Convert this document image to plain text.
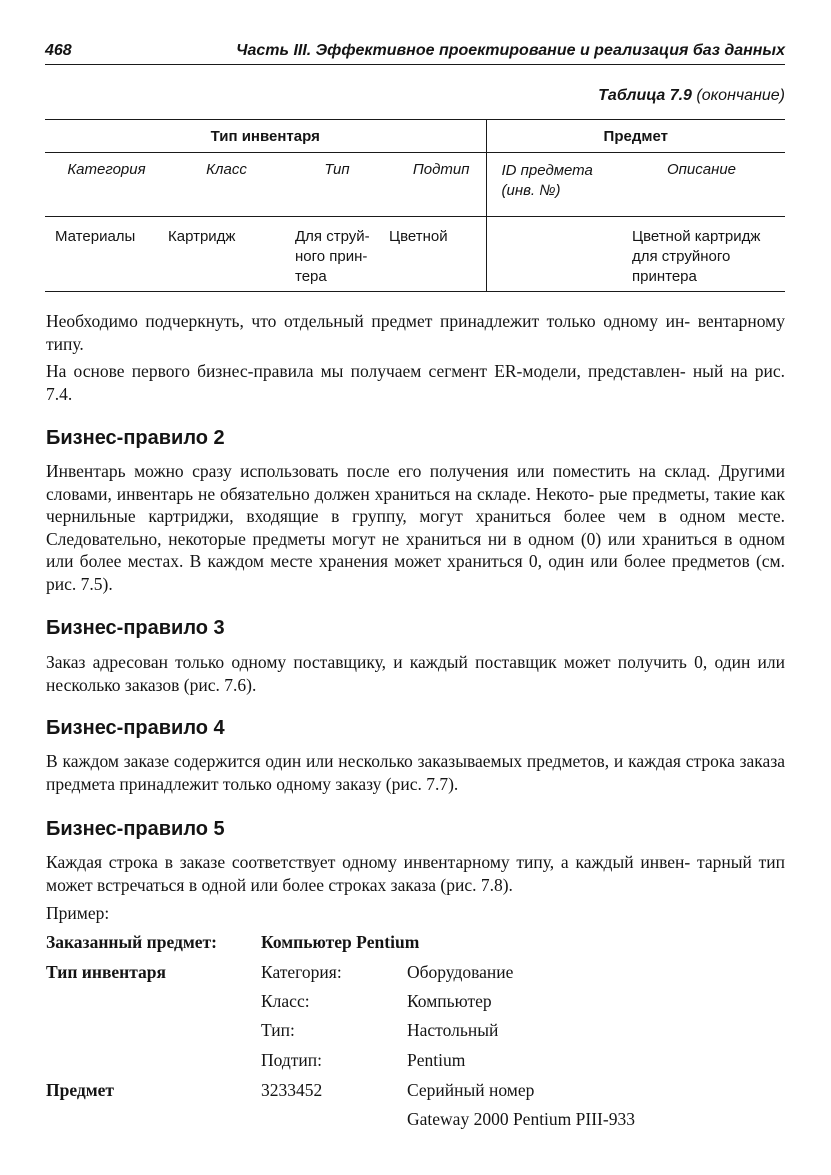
468	Часть III. Эффективное проектирование и реализация баз данных
Таблица 7.9 (окончание)
Тип инвентаря				Предмет	
Категория	Класс	Тип	Подтип	ID предмета (инв. №)	Описание
Материалы	Картридж	Для струй- ного прин- тера	Цветной		Цветной картридж для струйного принтера

Необходимо подчеркнуть, что отдельный предмет принадлежит только одному ин- вентарному типу.

На основе первого бизнес-правила мы получаем сегмент ER-модели, представлен- ный на рис. 7.4.

Бизнес-правило 2

Инвентарь можно сразу использовать после его получения или поместить на склад. Другими словами, инвентарь не обязательно должен храниться на складе. Некото- рые предметы, такие как чернильные картриджи, входящие в группу, могут храниться более чем в одном месте. Следовательно, некоторые предметы могут не храниться ни в одном (0) или храниться в одном или более местах. В каждом месте хранения может храниться 0, один или более предметов (см. рис. 7.5).

Бизнес-правило 3

Заказ адресован только одному поставщику, и каждый поставщик может получить 0, один или несколько заказов (рис. 7.6).

Бизнес-правило 4

В каждом заказе содержится один или несколько заказываемых предметов, и каждая строка заказа предмета принадлежит только одному заказу (рис. 7.7).

Бизнес-правило 5

Каждая строка в заказе соответствует одному инвентарному типу, а каждый инвен- тарный тип может встречаться в одной или более строках заказа (рис. 7.8).

Пример:

Заказанный предмет:	Компьютер Pentium
Тип инвентаря	Категория:	Оборудование
Класс:	Компьютер
Тип:	Настольный
Подтип:	Pentium
Предмет	3233452	Серийный номер
Gateway 2000 Pentium PIII-933
